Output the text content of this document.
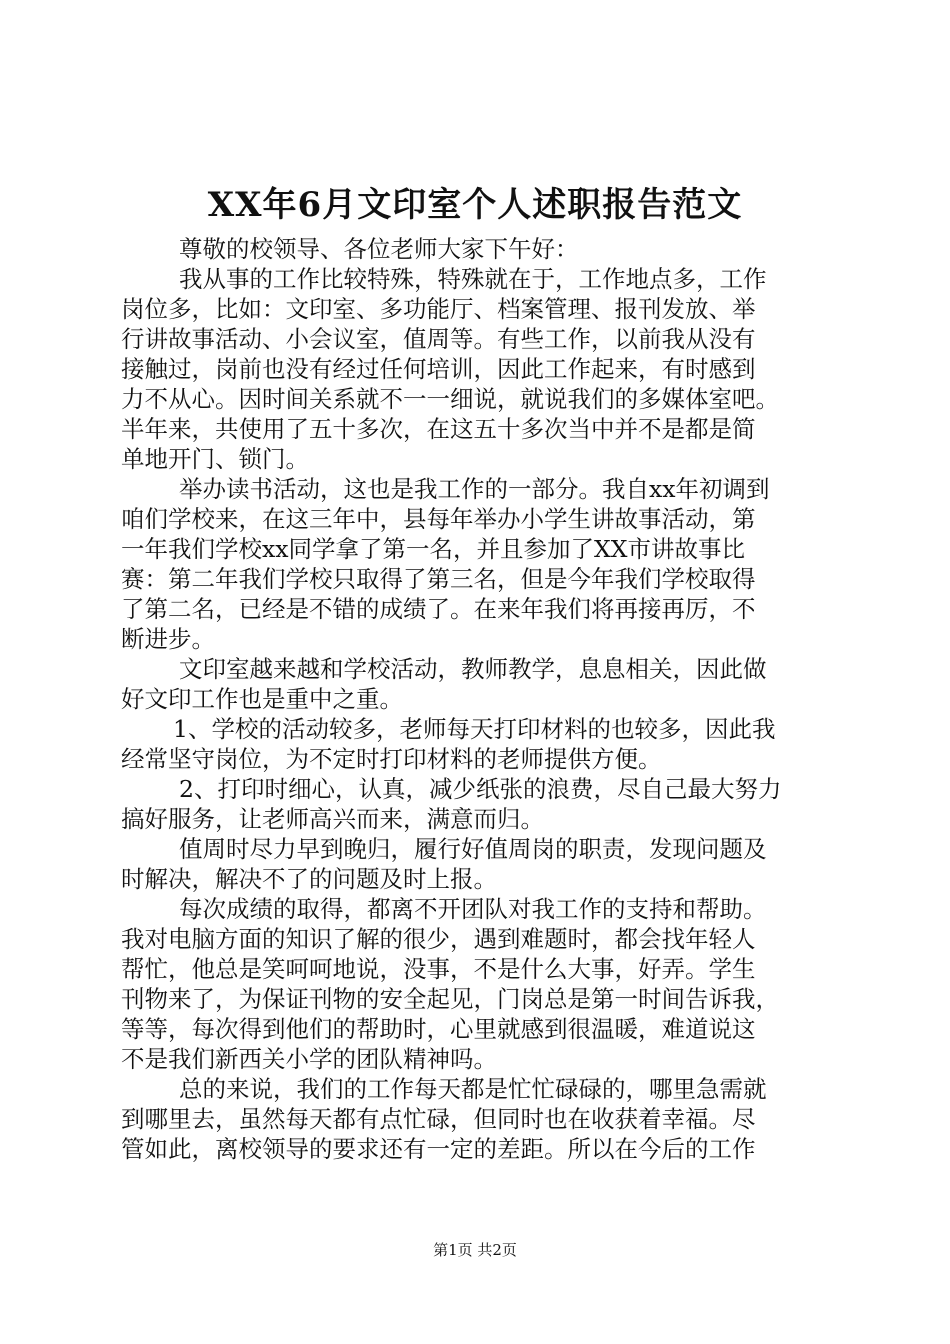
XX年6月文印室个人述职报告范文
尊敬的校领导、各位老师大家下午好：
我从事的工作比较特殊，特殊就在于，工作地点多，工作
岗位多，比如：文印室、多功能厅、档案管理、报刊发放、举
行讲故事活动、小会议室，值周等。有些工作，以前我从没有
接触过，岗前也没有经过任何培训，因此工作起来，有时感到
力不从心。因时间关系就不一一细说，就说我们的多媒体室吧。
半年来，共使用了五十多次，在这五十多次当中并不是都是简
单地开门、锁门。
举办读书活动，这也是我工作的一部分。我自xx年初调到
咱们学校来，在这三年中，县每年举办小学生讲故事活动，第
一年我们学校xx同学拿了第一名，并且参加了XX市讲故事比
赛：第二年我们学校只取得了第三名，但是今年我们学校取得
了第二名，已经是不错的成绩了。在来年我们将再接再厉，不
断进步。
文印室越来越和学校活动，教师教学，息息相关，因此做
好文印工作也是重中之重。
1、学校的活动较多，老师每天打印材料的也较多，因此我
经常坚守岗位，为不定时打印材料的老师提供方便。
2、打印时细心，认真，减少纸张的浪费，尽自己最大努力
搞好服务，让老师高兴而来，满意而归。
值周时尽力早到晚归，履行好值周岗的职责，发现问题及
时解决，解决不了的问题及时上报。
每次成绩的取得，都离不开团队对我工作的支持和帮助。
我对电脑方面的知识了解的很少，遇到难题时，都会找年轻人
帮忙，他总是笑呵呵地说，没事，不是什么大事，好弄。学生
刊物来了，为保证刊物的安全起见，门岗总是第一时间告诉我，
等等，每次得到他们的帮助时，心里就感到很温暖，难道说这
不是我们新西关小学的团队精神吗。
总的来说，我们的工作每天都是忙忙碌碌的，哪里急需就
到哪里去，虽然每天都有点忙碌，但同时也在收获着幸福。尽
管如此，离校领导的要求还有一定的差距。所以在今后的工作
第1页 共2页
